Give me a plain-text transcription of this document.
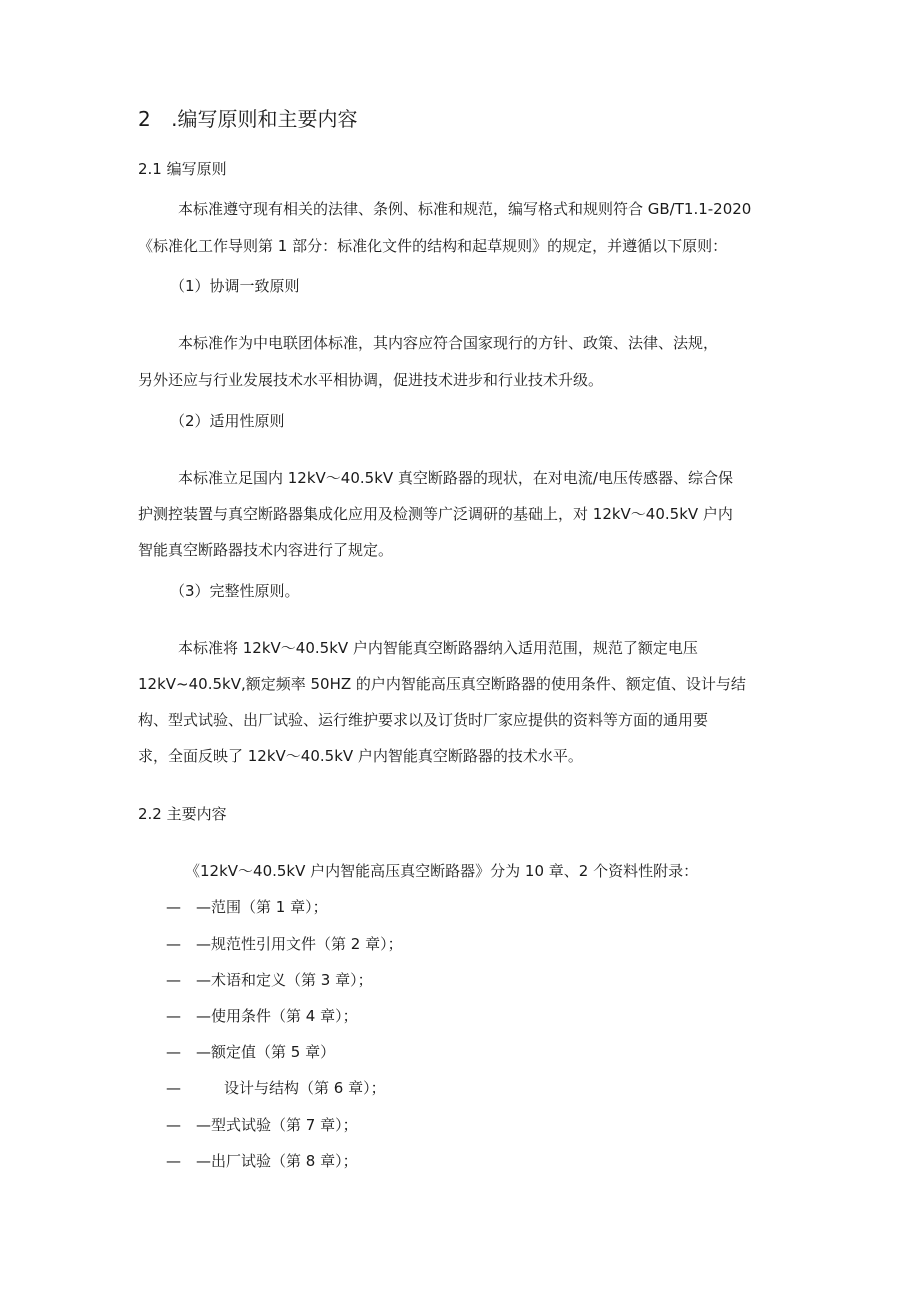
2 .编写原则和主要内容
2.1 编写原则
本标准遵守现有相关的法律、条例、标准和规范，编写格式和规则符合 GB/T1.1-2020
《标准化工作导则第 1 部分：标准化文件的结构和起草规则》的规定，并遵循以下原则：
（1）协调一致原则
本标准作为中电联团体标准，其内容应符合国家现行的方针、政策、法律、法规，
另外还应与行业发展技术水平相协调，促进技术进步和行业技术升级。
（2）适用性原则
本标准立足国内 12kV～40.5kV 真空断路器的现状，在对电流/电压传感器、综合保
护测控装置与真空断路器集成化应用及检测等广泛调研的基础上，对 12kV～40.5kV 户内
智能真空断路器技术内容进行了规定。
（3）完整性原则。
本标准将 12kV～40.5kV 户内智能真空断路器纳入适用范围，规范了额定电压
12kV~40.5kV,额定频率 50HZ 的户内智能高压真空断路器的使用条件、额定值、设计与结
构、型式试验、出厂试验、运行维护要求以及订货时厂家应提供的资料等方面的通用要
求，全面反映了 12kV～40.5kV 户内智能真空断路器的技术水平。
2.2 主要内容
《12kV～40.5kV 户内智能高压真空断路器》分为 10 章、2 个资料性附录：
— —范围（第 1 章）；
— —规范性引用文件（第 2 章）；
— —术语和定义（第 3 章）；
— —使用条件（第 4 章）；
— —额定值（第 5 章）
—	设计与结构（第 6 章）；
— —型式试验（第 7 章）；
— —出厂试验（第 8 章）；
